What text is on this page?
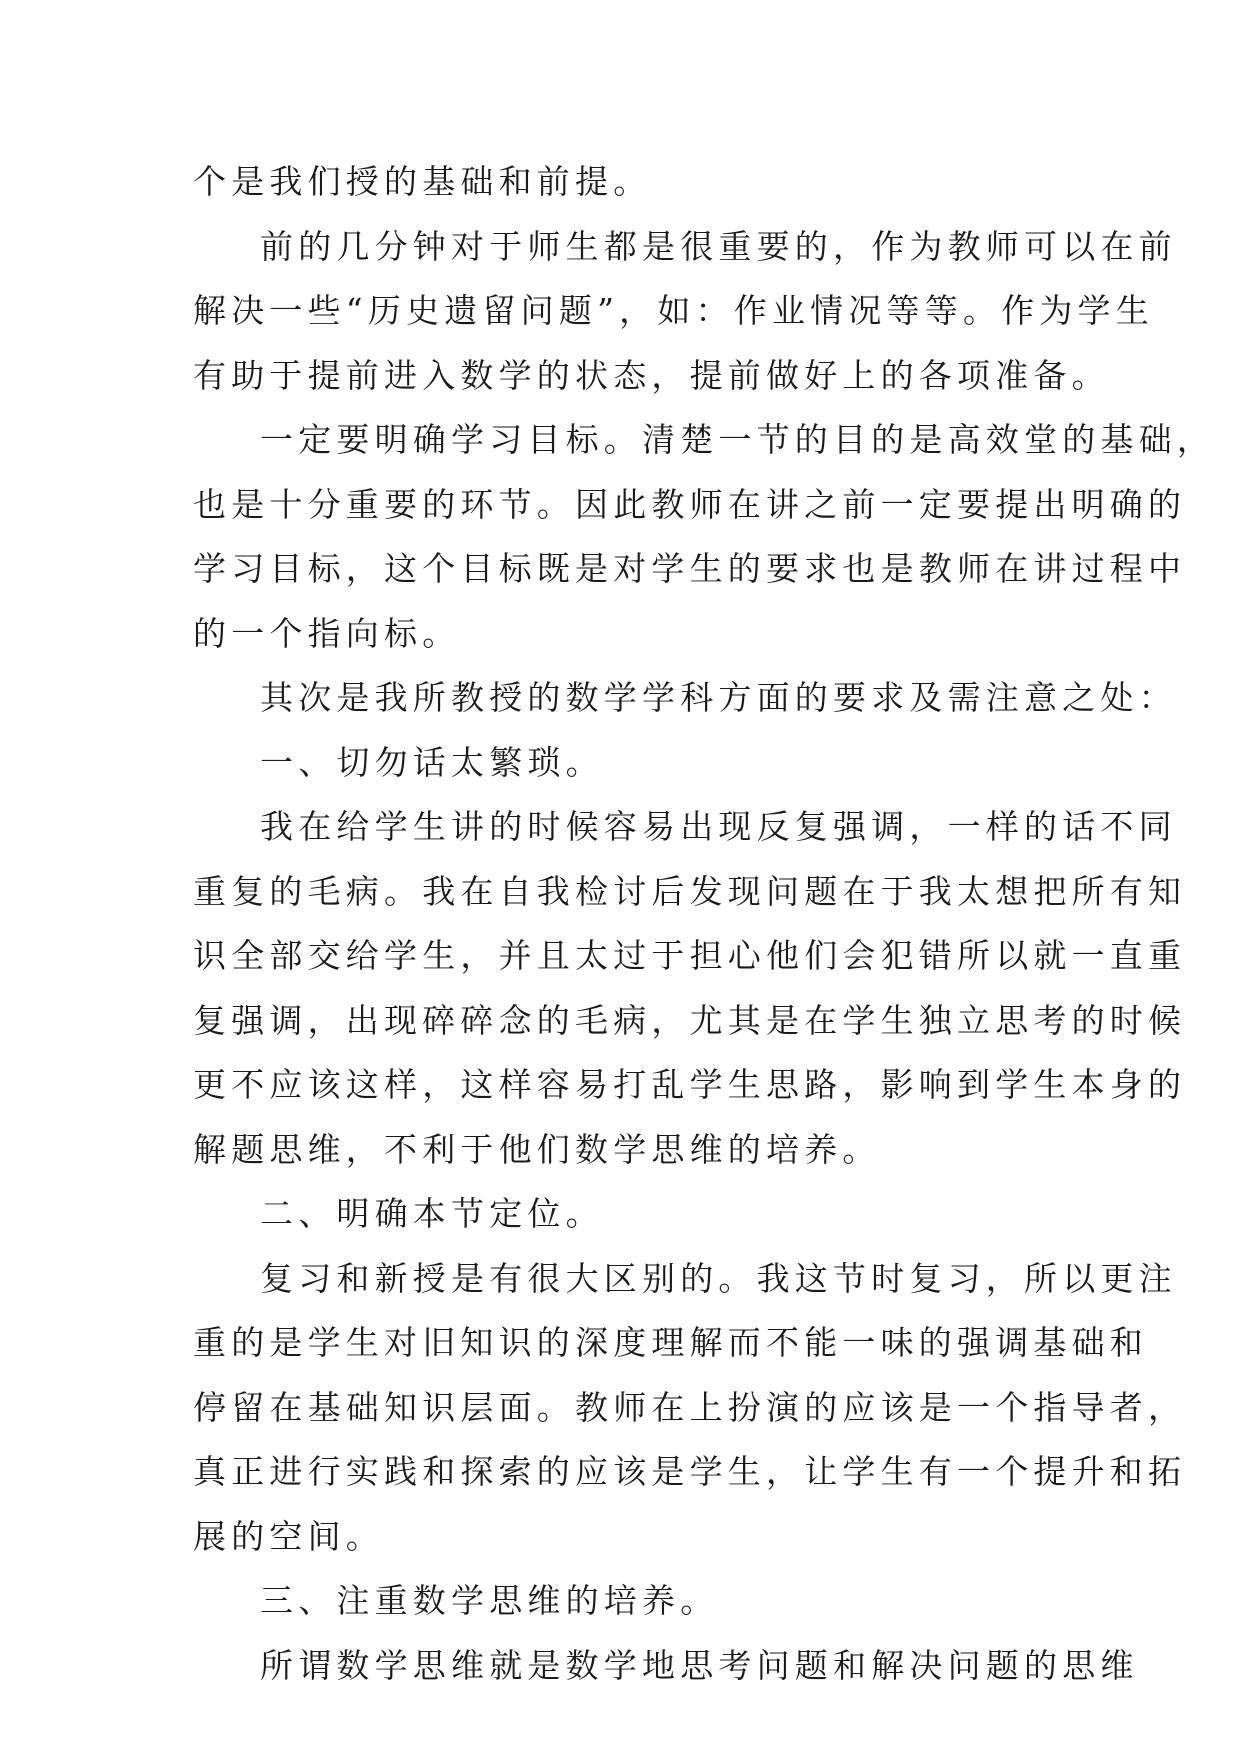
个是我们授的基础和前提。
前的几分钟对于师生都是很重要的，作为教师可以在前
解决一些“历史遗留问题”，如：作业情况等等。作为学生
有助于提前进入数学的状态，提前做好上的各项准备。
一定要明确学习目标。清楚一节的目的是高效堂的基础，
也是十分重要的环节。因此教师在讲之前一定要提出明确的
学习目标，这个目标既是对学生的要求也是教师在讲过程中
的一个指向标。
其次是我所教授的数学学科方面的要求及需注意之处：
一、切勿话太繁琐。
我在给学生讲的时候容易出现反复强调，一样的话不同
重复的毛病。我在自我检讨后发现问题在于我太想把所有知
识全部交给学生，并且太过于担心他们会犯错所以就一直重
复强调，出现碎碎念的毛病，尤其是在学生独立思考的时候
更不应该这样，这样容易打乱学生思路，影响到学生本身的
解题思维，不利于他们数学思维的培养。
二、明确本节定位。
复习和新授是有很大区别的。我这节时复习，所以更注
重的是学生对旧知识的深度理解而不能一味的强调基础和
停留在基础知识层面。教师在上扮演的应该是一个指导者，
真正进行实践和探索的应该是学生，让学生有一个提升和拓
展的空间。
三、注重数学思维的培养。
所谓数学思维就是数学地思考问题和解决问题的思维
